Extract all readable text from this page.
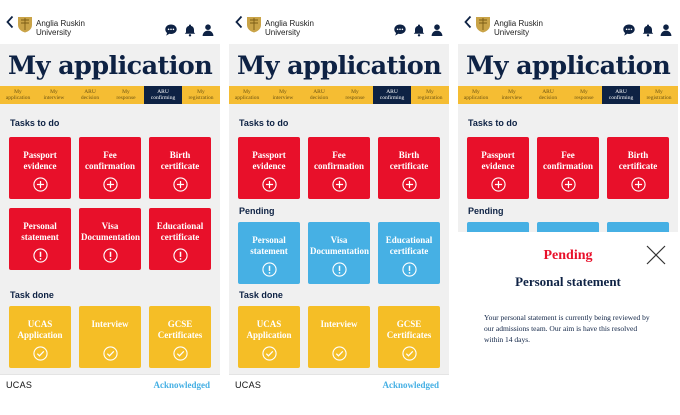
Anglia Ruskin
University
My application
My
application
My
interview
ARU
decision
My
response
ARU
confirming
My
registration
Tasks to do
Passport
evidence
Fee
confirmation
Birth
certificate
Personal
statement
Visa
Documentation
Educational
certificate
Task done
UCAS
Application
Interview	GCSE
Certificates
UCAS	Acknowledged
Anglia Ruskin
University
My application
My
application
My
interview
ARU
decision
My
response
ARU
confirming
My
registration
Tasks to do
Passport
evidence
Fee
confirmation
Birth
certificate
Pending
Personal
statement
Visa
Documentation
Educational
certificate
Task done
UCAS
Application
Interview	GCSE
Certificates
UCAS	Acknowledged
Anglia Ruskin
University
My application
My
application
My
interview
ARU
decision
My
response
ARU
confirming
My
registration
Tasks to do
Passport
evidence
Fee
confirmation
Birth
certificate
Pending
Pending
Personal statement
Your personal statement is currently being reviewed by our admissions team. Our aim is have this resolved within 14 days.
